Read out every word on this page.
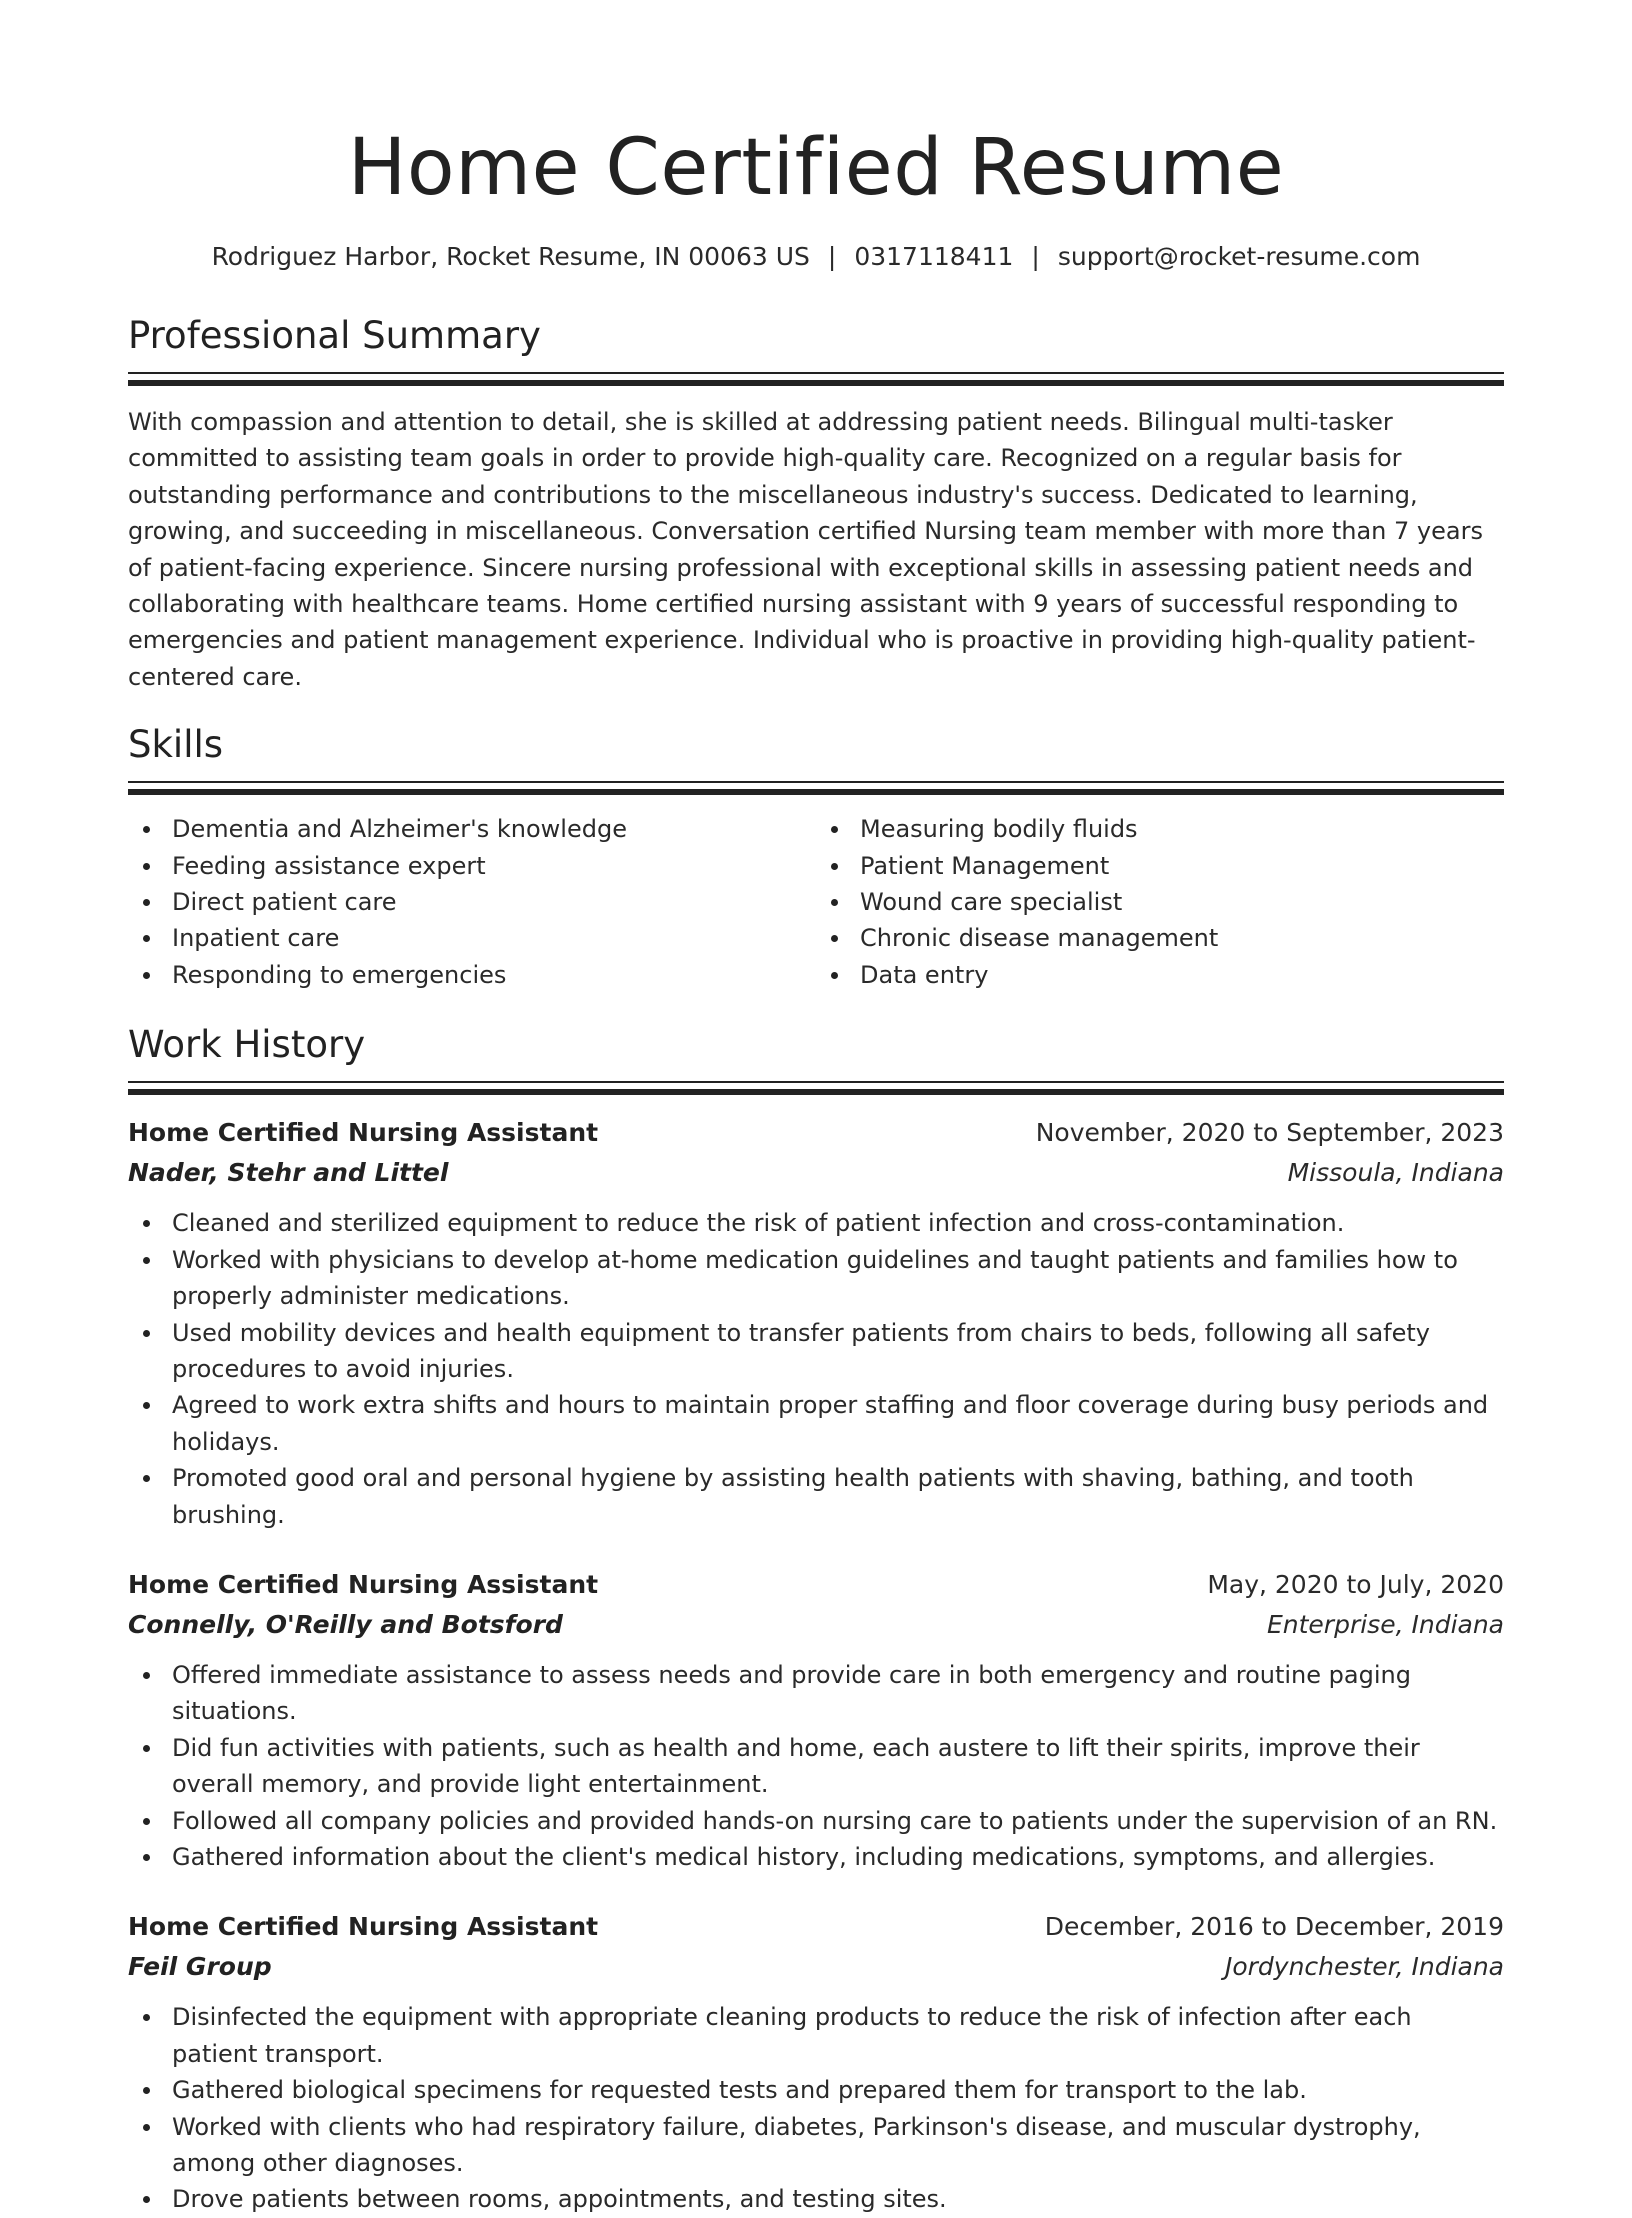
Home Certified Resume
Rodriguez Harbor, Rocket Resume, IN 00063 US | 0317118411 | support@rocket-resume.com
Professional Summary

With compassion and attention to detail, she is skilled at addressing patient needs. Bilingual multi-tasker committed to assisting team goals in order to provide high-quality care. Recognized on a regular basis for outstanding performance and contributions to the miscellaneous industry's success. Dedicated to learning, growing, and succeeding in miscellaneous. Conversation certified Nursing team member with more than 7 years of patient-facing experience. Sincere nursing professional with exceptional skills in assessing patient needs and collaborating with healthcare teams. Home certified nursing assistant with 9 years of successful responding to emergencies and patient management experience. Individual who is proactive in providing high-quality patient-centered care.

Skills
Dementia and Alzheimer's knowledge
Feeding assistance expert
Direct patient care
Inpatient care
Responding to emergencies
Measuring bodily fluids
Patient Management
Wound care specialist
Chronic disease management
Data entry
Work History
Home Certified Nursing Assistant	November, 2020 to September, 2023
Nader, Stehr and Littel	Missoula, Indiana
Cleaned and sterilized equipment to reduce the risk of patient infection and cross-contamination.
Worked with physicians to develop at-home medication guidelines and taught patients and families how to properly administer medications.
Used mobility devices and health equipment to transfer patients from chairs to beds, following all safety procedures to avoid injuries.
Agreed to work extra shifts and hours to maintain proper staffing and floor coverage during busy periods and holidays.
Promoted good oral and personal hygiene by assisting health patients with shaving, bathing, and tooth brushing.
Home Certified Nursing Assistant	May, 2020 to July, 2020
Connelly, O'Reilly and Botsford	Enterprise, Indiana
Offered immediate assistance to assess needs and provide care in both emergency and routine paging situations.
Did fun activities with patients, such as health and home, each austere to lift their spirits, improve their overall memory, and provide light entertainment.
Followed all company policies and provided hands-on nursing care to patients under the supervision of an RN.
Gathered information about the client's medical history, including medications, symptoms, and allergies.
Home Certified Nursing Assistant	December, 2016 to December, 2019
Feil Group	Jordynchester, Indiana
Disinfected the equipment with appropriate cleaning products to reduce the risk of infection after each patient transport.
Gathered biological specimens for requested tests and prepared them for transport to the lab.
Worked with clients who had respiratory failure, diabetes, Parkinson's disease, and muscular dystrophy, among other diagnoses.
Drove patients between rooms, appointments, and testing sites.
